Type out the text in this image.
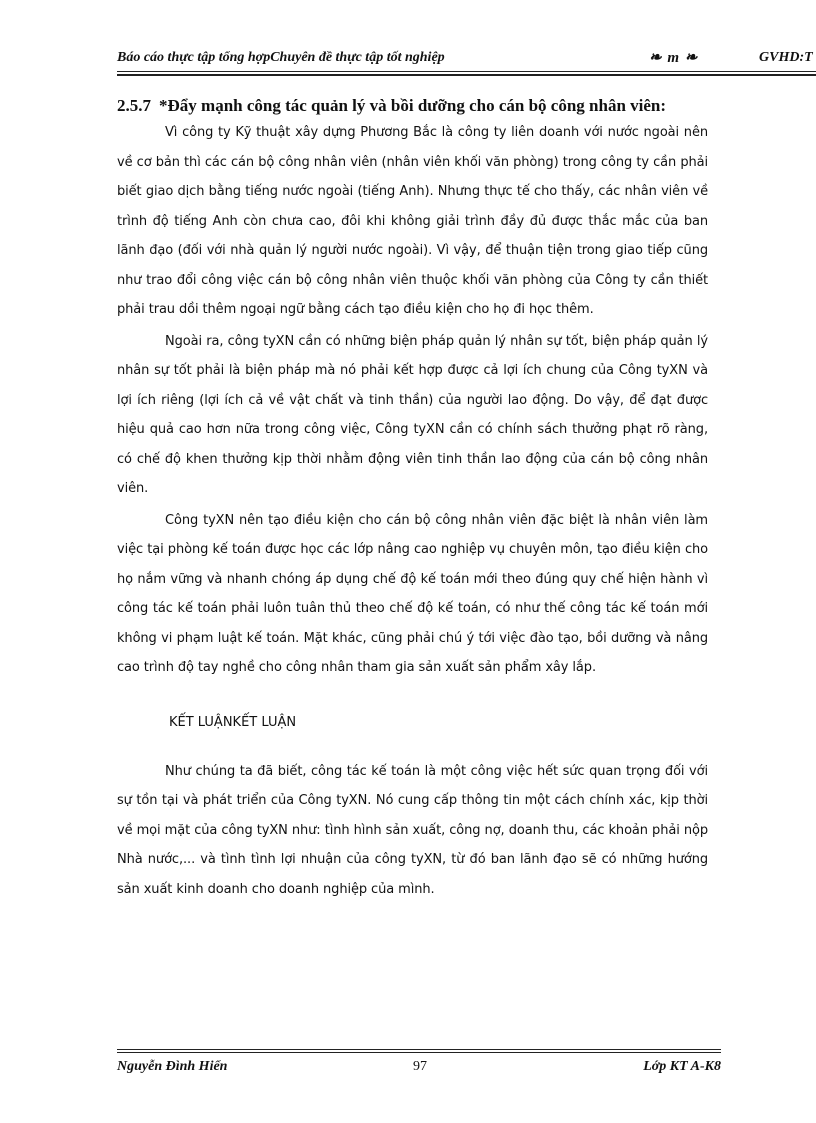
Báo cáo thực tập tổng hợpChuyên đề thực tập tốt nghiệp	❧ m ❧	GVHD:T
2.5.7 *Đẩy mạnh công tác quản lý và bồi dưỡng cho cán bộ công nhân viên:

Vì công ty Kỹ thuật xây dựng Phương Bắc là công ty liên doanh với nước ngoài nên về cơ bản thì các cán bộ công nhân viên (nhân viên khối văn phòng) trong công ty cần phải biết giao dịch bằng tiếng nước ngoài (tiếng Anh). Nhưng thực tế cho thấy, các nhân viên về trình độ tiếng Anh còn chưa cao, đôi khi không giải trình đầy đủ được thắc mắc của ban lãnh đạo (đối với nhà quản lý người nước ngoài). Vì vậy, để thuận tiện trong giao tiếp cũng như trao đổi công việc cán bộ công nhân viên thuộc khối văn phòng của Công ty cần thiết phải trau dồi thêm ngoại ngữ bằng cách tạo điều kiện cho họ đi học thêm.

Ngoài ra, công tyXN cần có những biện pháp quản lý nhân sự tốt, biện pháp quản lý nhân sự tốt phải là biện pháp mà nó phải kết hợp được cả lợi ích chung của Công tyXN và lợi ích riêng (lợi ích cả về vật chất và tinh thần) của người lao động. Do vậy, để đạt được hiệu quả cao hơn nữa trong công việc, Công tyXN cần có chính sách thưởng phạt rõ ràng, có chế độ khen thưởng kịp thời nhằm động viên tinh thần lao động của cán bộ công nhân viên.

Công tyXN nên tạo điều kiện cho cán bộ công nhân viên đặc biệt là nhân viên làm việc tại phòng kế toán được học các lớp nâng cao nghiệp vụ chuyên môn, tạo điều kiện cho họ nắm vững và nhanh chóng áp dụng chế độ kế toán mới theo đúng quy chế hiện hành vì công tác kế toán phải luôn tuân thủ theo chế độ kế toán, có như thế công tác kế toán mới không vi phạm luật kế toán. Mặt khác, cũng phải chú ý tới việc đào tạo, bồi dưỡng và nâng cao trình độ tay nghề cho công nhân tham gia sản xuất sản phẩm xây lắp.

KẾT LUẬNKẾT LUẬN

Như chúng ta đã biết, công tác kế toán là một công việc hết sức quan trọng đối với sự tồn tại và phát triển của Công tyXN. Nó cung cấp thông tin một cách chính xác, kịp thời về mọi mặt của công tyXN như: tình hình sản xuất, công nợ, doanh thu, các khoản phải nộp Nhà nước,... và tình tình lợi nhuận của công tyXN, từ đó ban lãnh đạo sẽ có những hướng sản xuất kinh doanh cho doanh nghiệp của mình.

Nguyễn Đình Hiển	97	Lớp KT A-K8
